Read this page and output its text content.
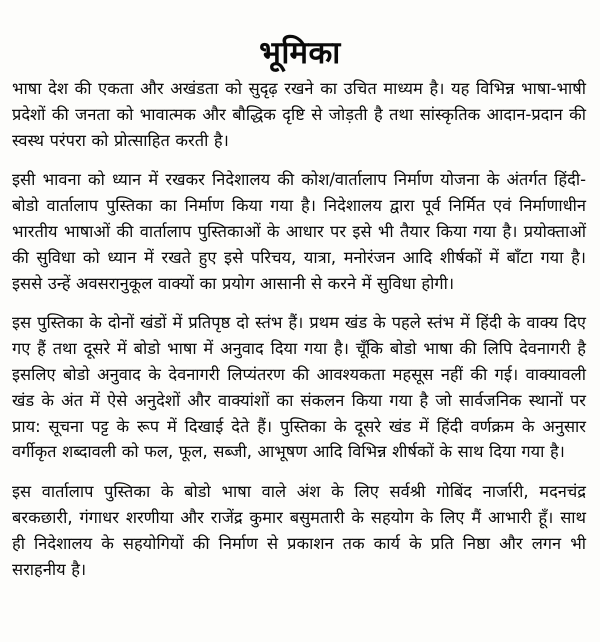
भूमिका

भाषा देश की एकता और अखंडता को सुदृढ़ रखने का उचित माध्यम है। यह विभिन्न भाषा-भाषी प्रदेशों की जनता को भावात्मक और बौद्धिक दृष्टि से जोड़ती है तथा सांस्कृतिक आदान-प्रदान की स्वस्थ परंपरा को प्रोत्साहित करती है।

इसी भावना को ध्यान में रखकर निदेशालय की कोश/वार्तालाप निर्माण योजना के अंतर्गत हिंदी-बोडो वार्तालाप पुस्तिका का निर्माण किया गया है। निदेशालय द्वारा पूर्व निर्मित एवं निर्माणाधीन भारतीय भाषाओं की वार्तालाप पुस्तिकाओं के आधार पर इसे भी तैयार किया गया है। प्रयोक्ताओं की सुविधा को ध्यान में रखते हुए इसे परिचय, यात्रा, मनोरंजन आदि शीर्षकों में बाँटा गया है। इससे उन्हें अवसरानुकूल वाक्यों का प्रयोग आसानी से करने में सुविधा होगी।

इस पुस्तिका के दोनों खंडों में प्रतिपृष्ठ दो स्तंभ हैं। प्रथम खंड के पहले स्तंभ में हिंदी के वाक्य दिए गए हैं तथा दूसरे में बोडो भाषा में अनुवाद दिया गया है। चूँकि बोडो भाषा की लिपि देवनागरी है इसलिए बोडो अनुवाद के देवनागरी लिप्यंतरण की आवश्यकता महसूस नहीं की गई। वाक्यावली खंड के अंत में ऐसे अनुदेशों और वाक्यांशों का संकलन किया गया है जो सार्वजनिक स्थानों पर प्राय: सूचना पट्ट के रूप में दिखाई देते हैं। पुस्तिका के दूसरे खंड में हिंदी वर्णक्रम के अनुसार वर्गीकृत शब्दावली को फल, फूल, सब्जी, आभूषण आदि विभिन्न शीर्षकों के साथ दिया गया है।

इस वार्तालाप पुस्तिका के बोडो भाषा वाले अंश के लिए सर्वश्री गोबिंद नार्जारी, मदनचंद्र बरकछारी, गंगाधर शरणीया और राजेंद्र कुमार बसुमतारी के सहयोग के लिए मैं आभारी हूँ। साथ ही निदेशालय के सहयोगियों की निर्माण से प्रकाशन तक कार्य के प्रति निष्ठा और लगन भी सराहनीय है।
